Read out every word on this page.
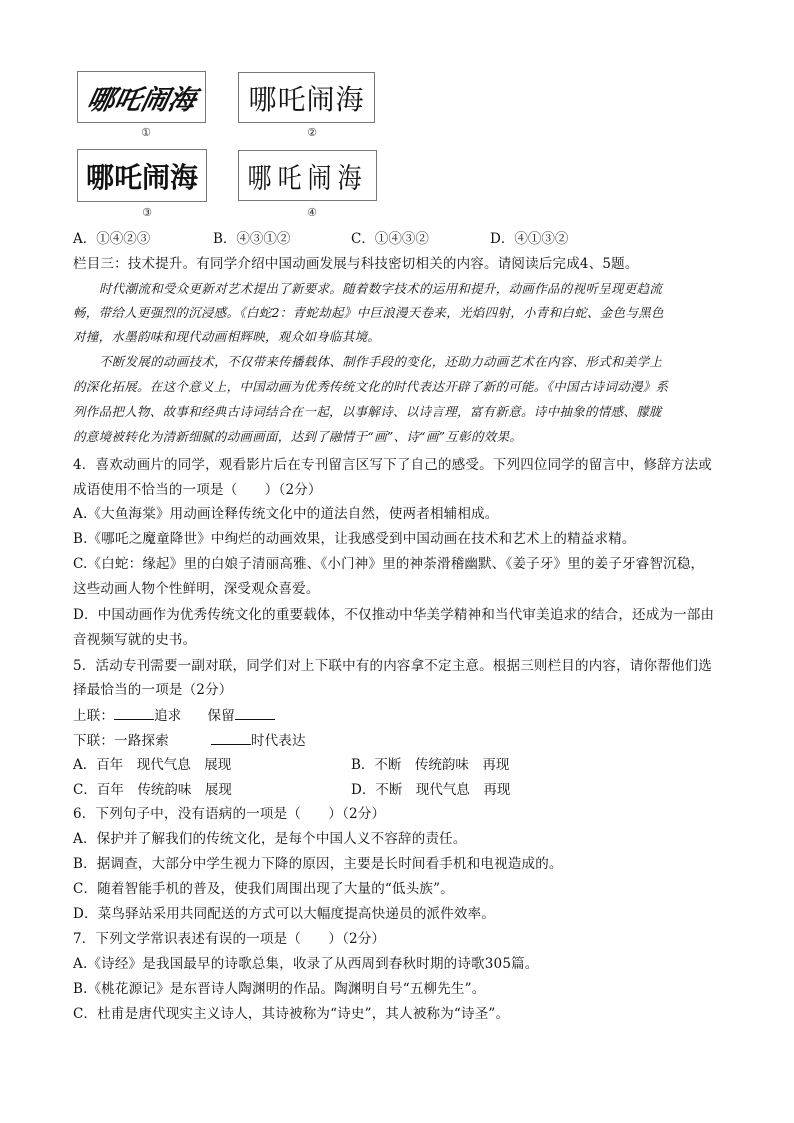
哪吒闹海
①
哪吒闹海
②
哪吒闹海
③
哪吒闹海
④
A．①④②③	B．④③①②	C．①④③②	D．④①③②
栏目三：技术提升。有同学介绍中国动画发展与科技密切相关的内容。请阅读后完成4、5题。
时代潮流和受众更新对艺术提出了新要求。随着数字技术的运用和提升，动画作品的视听呈现更趋流
畅，带给人更强烈的沉浸感。《白蛇2：青蛇劫起》中巨浪漫天卷来，光焰四射，小青和白蛇、金色与黑色
对撞，水墨韵味和现代动画相辉映，观众如身临其境。
不断发展的动画技术，不仅带来传播载体、制作手段的变化，还助力动画艺术在内容、形式和美学上
的深化拓展。在这个意义上，中国动画为优秀传统文化的时代表达开辟了新的可能。《中国古诗词动漫》系
列作品把人物、故事和经典古诗词结合在一起，以事解诗、以诗言理，富有新意。诗中抽象的情感、朦胧
的意境被转化为清新细腻的动画画面，达到了融情于“画”、诗“画”互彰的效果。
4．喜欢动画片的同学，观看影片后在专刊留言区写下了自己的感受。下列四位同学的留言中，修辞方法或
成语使用不恰当的一项是（　　）（2分）
A.《大鱼海棠》用动画诠释传统文化中的道法自然，使两者相辅相成。
B.《哪吒之魔童降世》中绚烂的动画效果，让我感受到中国动画在技术和艺术上的精益求精。
C.《白蛇：缘起》里的白娘子清丽高雅、《小门神》里的神荼滑稽幽默、《姜子牙》里的姜子牙睿智沉稳，
这些动画人物个性鲜明，深受观众喜爱。
D．中国动画作为优秀传统文化的重要载体，不仅推动中华美学精神和当代审美追求的结合，还成为一部由
音视频写就的史书。
5．活动专刊需要一副对联，同学们对上下联中有的内容拿不定主意。根据三则栏目的内容，请你帮他们选
择最恰当的一项是（2分）
上联：	追求 保留
下联：一路探索	时代表达
A．百年　现代气息　展现	B．不断　传统韵味　再现
C．百年　传统韵味　展现	D．不断　现代气息　再现
6．下列句子中，没有语病的一项是（　　）（2分）
A．保护并了解我们的传统文化，是每个中国人义不容辞的责任。
B．据调查，大部分中学生视力下降的原因，主要是长时间看手机和电视造成的。
C．随着智能手机的普及，使我们周围出现了大量的“低头族”。
D．菜鸟驿站采用共同配送的方式可以大幅度提高快递员的派件效率。
7．下列文学常识表述有误的一项是（　　）（2分）
A.《诗经》是我国最早的诗歌总集，收录了从西周到春秋时期的诗歌305篇。
B.《桃花源记》是东晋诗人陶渊明的作品。陶渊明自号“五柳先生”。
C．杜甫是唐代现实主义诗人，其诗被称为“诗史”，其人被称为“诗圣”。
